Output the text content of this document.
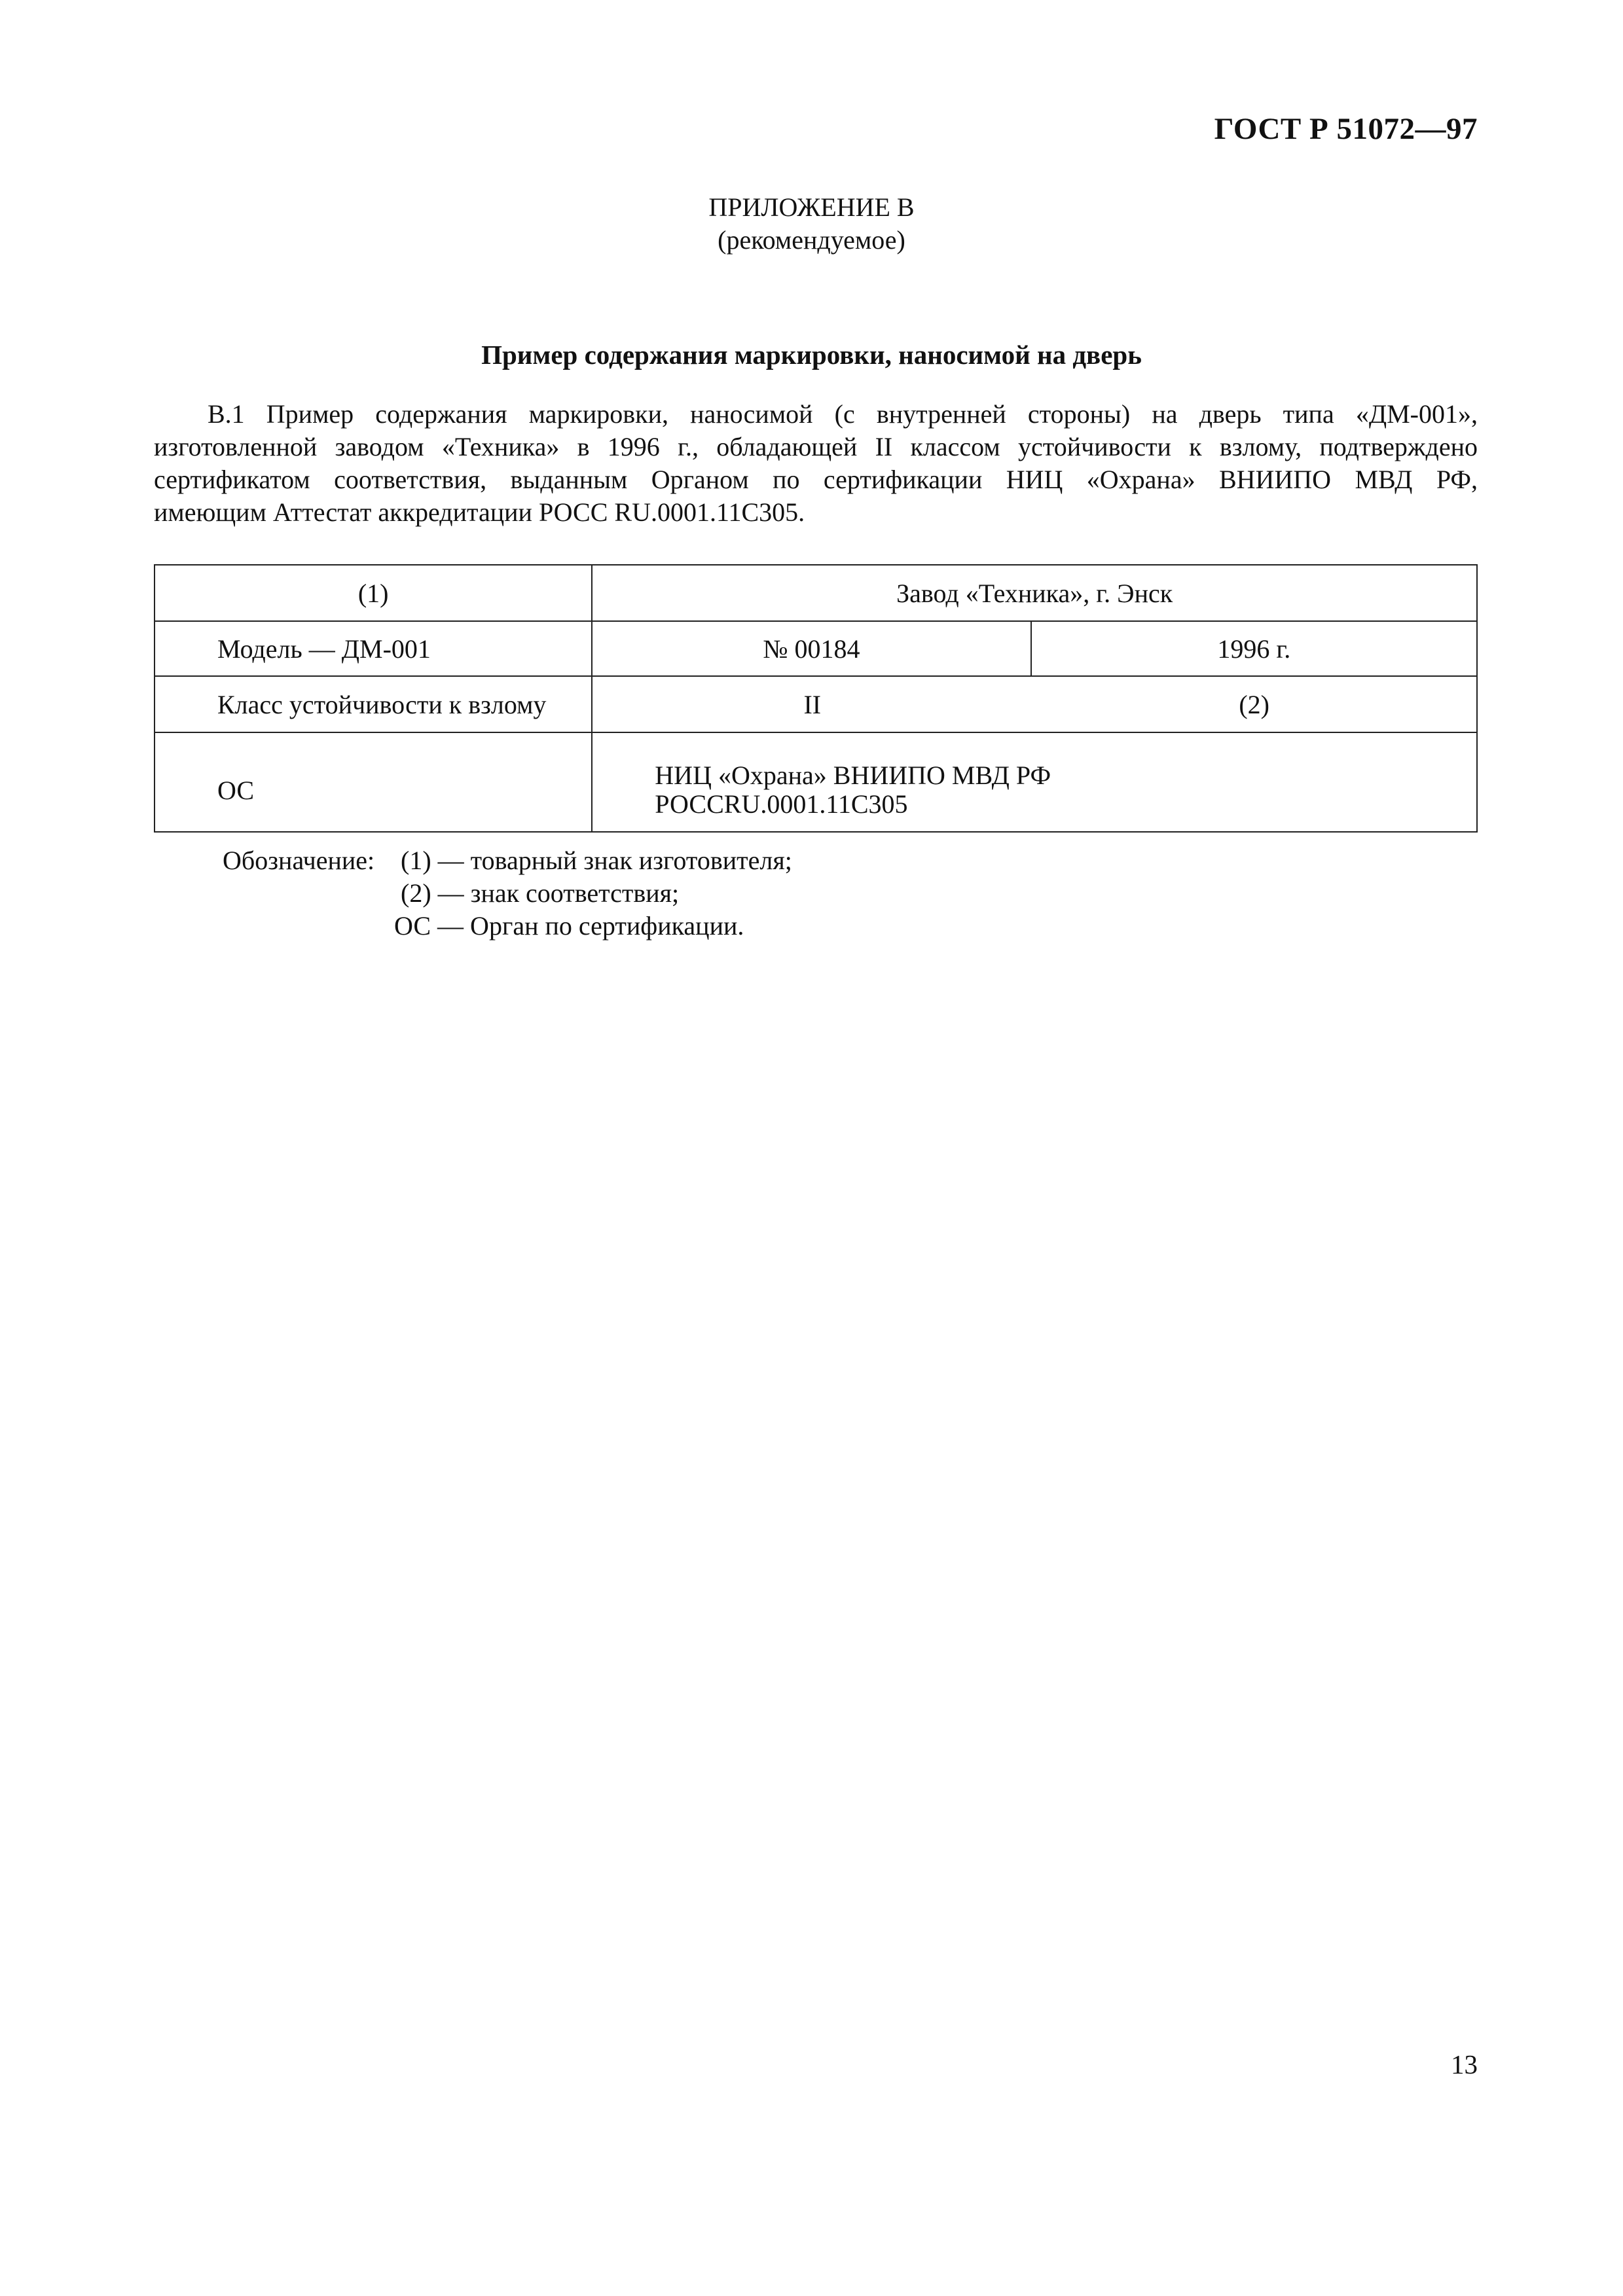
ГОСТ Р 51072—97
ПРИЛОЖЕНИЕ В
(рекомендуемое)
Пример содержания маркировки, наносимой на дверь
В.1 Пример содержания маркировки, наносимой (с внутренней стороны) на дверь типа «ДМ-001»,
изготовленной заводом «Техника» в 1996 г., обладающей II классом устойчивости к взлому, подтверждено
сертификатом соответствия, выданным Органом по сертификации НИЦ «Охрана» ВНИИПО МВД РФ,
имеющим Аттестат аккредитации РОСС RU.0001.11С305.
(1)	Завод «Техника», г. Энск	
Модель — ДМ-001	№ 00184	1996 г.
Класс устойчивости к взлому	II (2)	

ОС	НИЦ «Охрана» ВНИИПО МВД РФ
РОССRU.0001.11С305	
Обозначение: (1) — товарный знак изготовителя;
(2) — знак соответствия;
ОС — Орган по сертификации.
13
